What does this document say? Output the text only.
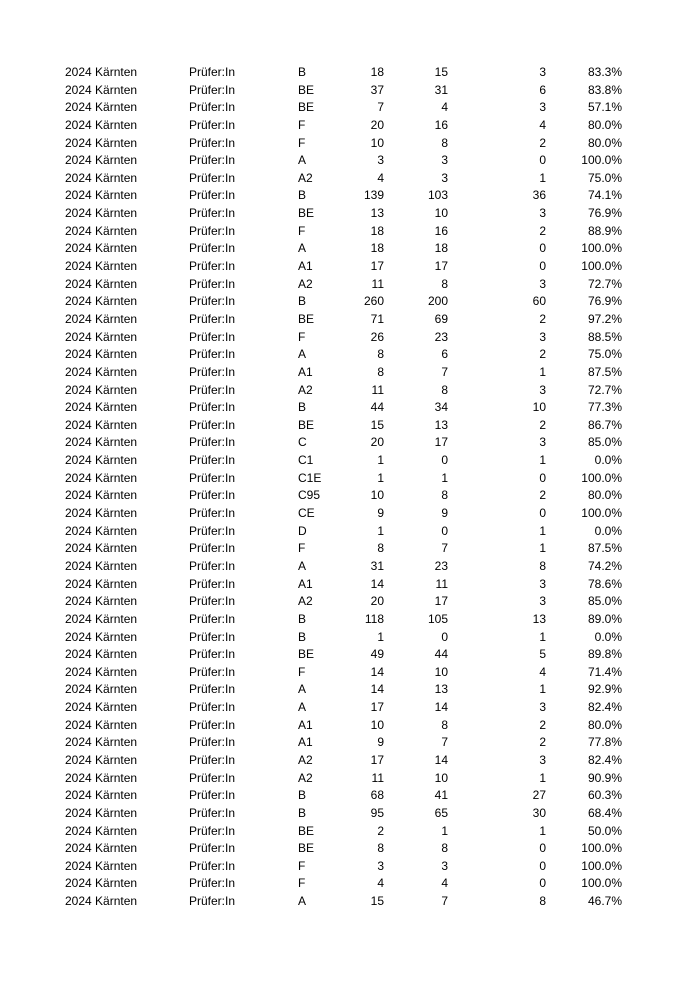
2024 Kärnten	Prüfer:In	B	18	15	3	83.3%
2024 Kärnten	Prüfer:In	BE	37	31	6	83.8%
2024 Kärnten	Prüfer:In	BE	7	4	3	57.1%
2024 Kärnten	Prüfer:In	F	20	16	4	80.0%
2024 Kärnten	Prüfer:In	F	10	8	2	80.0%
2024 Kärnten	Prüfer:In	A	3	3	0	100.0%
2024 Kärnten	Prüfer:In	A2	4	3	1	75.0%
2024 Kärnten	Prüfer:In	B	139	103	36	74.1%
2024 Kärnten	Prüfer:In	BE	13	10	3	76.9%
2024 Kärnten	Prüfer:In	F	18	16	2	88.9%
2024 Kärnten	Prüfer:In	A	18	18	0	100.0%
2024 Kärnten	Prüfer:In	A1	17	17	0	100.0%
2024 Kärnten	Prüfer:In	A2	11	8	3	72.7%
2024 Kärnten	Prüfer:In	B	260	200	60	76.9%
2024 Kärnten	Prüfer:In	BE	71	69	2	97.2%
2024 Kärnten	Prüfer:In	F	26	23	3	88.5%
2024 Kärnten	Prüfer:In	A	8	6	2	75.0%
2024 Kärnten	Prüfer:In	A1	8	7	1	87.5%
2024 Kärnten	Prüfer:In	A2	11	8	3	72.7%
2024 Kärnten	Prüfer:In	B	44	34	10	77.3%
2024 Kärnten	Prüfer:In	BE	15	13	2	86.7%
2024 Kärnten	Prüfer:In	C	20	17	3	85.0%
2024 Kärnten	Prüfer:In	C1	1	0	1	0.0%
2024 Kärnten	Prüfer:In	C1E	1	1	0	100.0%
2024 Kärnten	Prüfer:In	C95	10	8	2	80.0%
2024 Kärnten	Prüfer:In	CE	9	9	0	100.0%
2024 Kärnten	Prüfer:In	D	1	0	1	0.0%
2024 Kärnten	Prüfer:In	F	8	7	1	87.5%
2024 Kärnten	Prüfer:In	A	31	23	8	74.2%
2024 Kärnten	Prüfer:In	A1	14	11	3	78.6%
2024 Kärnten	Prüfer:In	A2	20	17	3	85.0%
2024 Kärnten	Prüfer:In	B	118	105	13	89.0%
2024 Kärnten	Prüfer:In	B	1	0	1	0.0%
2024 Kärnten	Prüfer:In	BE	49	44	5	89.8%
2024 Kärnten	Prüfer:In	F	14	10	4	71.4%
2024 Kärnten	Prüfer:In	A	14	13	1	92.9%
2024 Kärnten	Prüfer:In	A	17	14	3	82.4%
2024 Kärnten	Prüfer:In	A1	10	8	2	80.0%
2024 Kärnten	Prüfer:In	A1	9	7	2	77.8%
2024 Kärnten	Prüfer:In	A2	17	14	3	82.4%
2024 Kärnten	Prüfer:In	A2	11	10	1	90.9%
2024 Kärnten	Prüfer:In	B	68	41	27	60.3%
2024 Kärnten	Prüfer:In	B	95	65	30	68.4%
2024 Kärnten	Prüfer:In	BE	2	1	1	50.0%
2024 Kärnten	Prüfer:In	BE	8	8	0	100.0%
2024 Kärnten	Prüfer:In	F	3	3	0	100.0%
2024 Kärnten	Prüfer:In	F	4	4	0	100.0%
2024 Kärnten	Prüfer:In	A	15	7	8	46.7%
